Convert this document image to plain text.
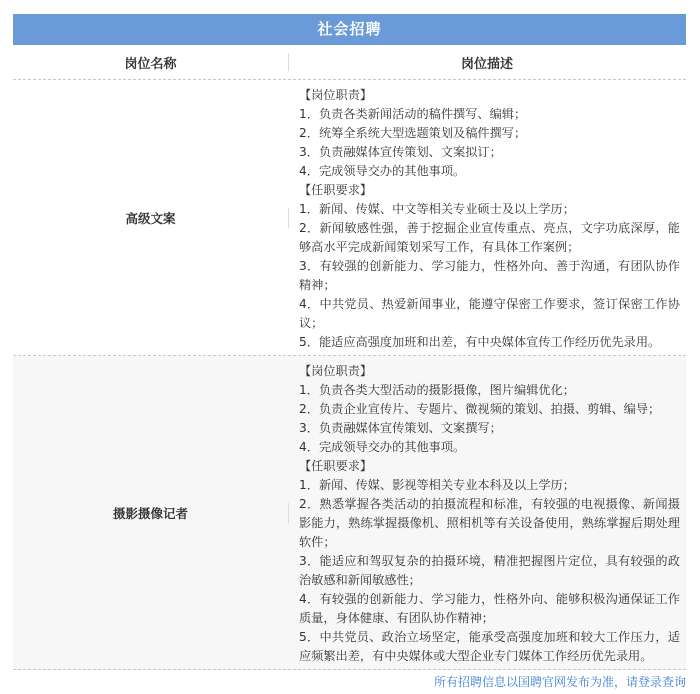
社会招聘
岗位名称	岗位描述
高级文案
【岗位职责】
1．负责各类新闻活动的稿件撰写、编辑；
2．统筹全系统大型选题策划及稿件撰写；
3．负责融媒体宣传策划、文案拟订；
4．完成领导交办的其他事项。
【任职要求】
1．新闻、传媒、中文等相关专业硕士及以上学历；
2．新闻敏感性强，善于挖掘企业宣传重点、亮点，文字功底深厚，能够高水平完成新闻策划采写工作，有具体工作案例；
3．有较强的创新能力、学习能力，性格外向、善于沟通，有团队协作精神；
4．中共党员、热爱新闻事业，能遵守保密工作要求，签订保密工作协议；
5．能适应高强度加班和出差，有中央媒体宣传工作经历优先录用。
摄影摄像记者
【岗位职责】
1．负责各类大型活动的摄影摄像，图片编辑优化；
2．负责企业宣传片、专题片、微视频的策划、拍摄、剪辑、编导；
3．负责融媒体宣传策划、文案撰写；
4．完成领导交办的其他事项。
【任职要求】
1．新闻、传媒、影视等相关专业本科及以上学历；
2．熟悉掌握各类活动的拍摄流程和标准，有较强的电视摄像、新闻摄影能力，熟练掌握摄像机、照相机等有关设备使用，熟练掌握后期处理软件；
3．能适应和驾驭复杂的拍摄环境，精准把握图片定位，具有较强的政治敏感和新闻敏感性；
4．有较强的创新能力、学习能力，性格外向、能够积极沟通保证工作质量，身体健康、有团队协作精神；
5．中共党员、政治立场坚定，能承受高强度加班和较大工作压力，适应频繁出差，有中央媒体或大型企业专门媒体工作经历优先录用。
所有招聘信息以国聘官网发布为准，请登录查询
